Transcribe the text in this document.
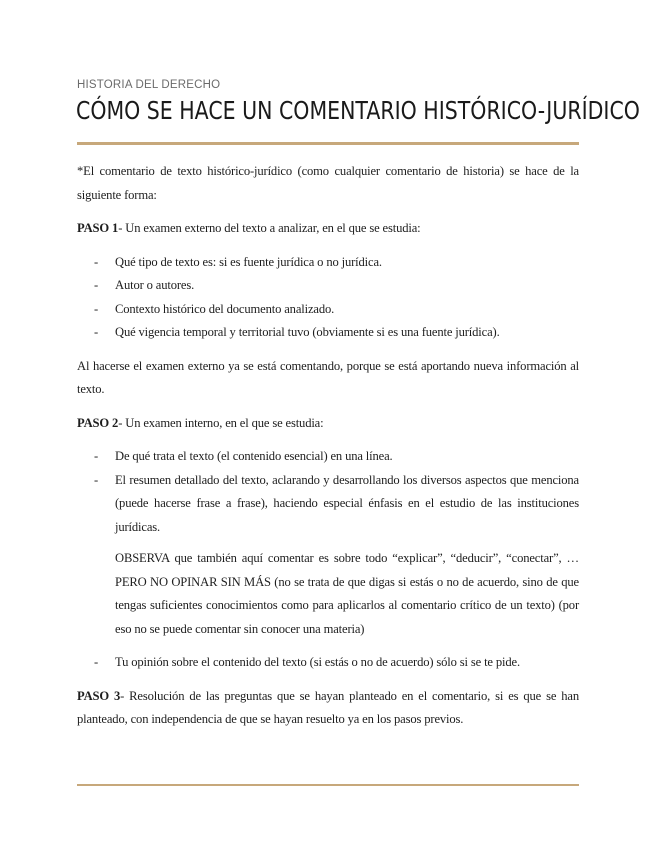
HISTORIA DEL DERECHO
CÓMO SE HACE UN COMENTARIO HISTÓRICO-JURÍDICO

*El comentario de texto histórico-jurídico (como cualquier comentario de historia) se hace de la siguiente forma:

PASO 1- Un examen externo del texto a analizar, en el que se estudia:

- Qué tipo de texto es: si es fuente jurídica o no jurídica.
- Autor o autores.
- Contexto histórico del documento analizado.
- Qué vigencia temporal y territorial tuvo (obviamente si es una fuente jurídica).

Al hacerse el examen externo ya se está comentando, porque se está aportando nueva información al texto.

PASO 2- Un examen interno, en el que se estudia:

- De qué trata el texto (el contenido esencial) en una línea.
- El resumen detallado del texto, aclarando y desarrollando los diversos aspectos que menciona (puede hacerse frase a frase), haciendo especial énfasis en el estudio de las instituciones jurídicas.

OBSERVA que también aquí comentar es sobre todo “explicar”, “deducir”, “conectar”, … PERO NO OPINAR SIN MÁS (no se trata de que digas si estás o no de acuerdo, sino de que tengas suficientes conocimientos como para aplicarlos al comentario crítico de un texto) (por eso no se puede comentar sin conocer una materia)

- Tu opinión sobre el contenido del texto (si estás o no de acuerdo) sólo si se te pide.

PASO 3- Resolución de las preguntas que se hayan planteado en el comentario, si es que se han planteado, con independencia de que se hayan resuelto ya en los pasos previos.
